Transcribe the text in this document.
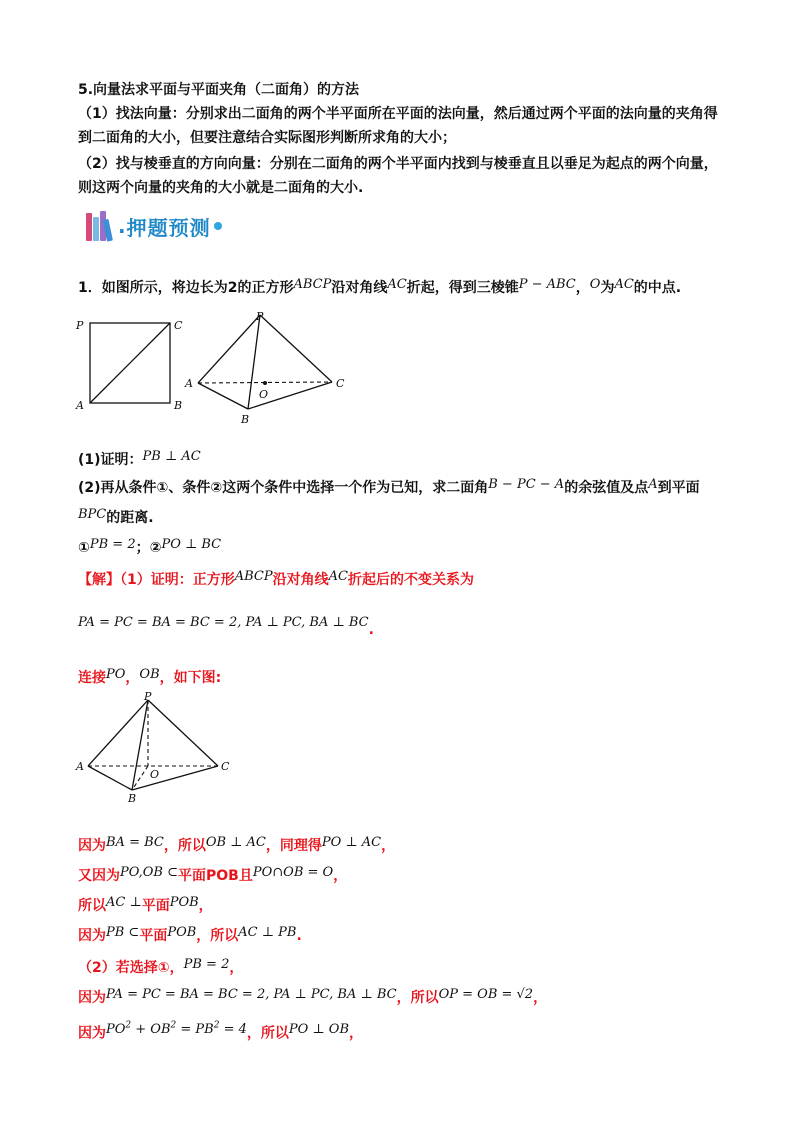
5.向量法求平面与平面夹角（二面角）的方法
（1）找法向量：分别求出二面角的两个半平面所在平面的法向量，然后通过两个平面的法向量的夹角得
到二面角的大小，但要注意结合实际图形判断所求角的大小；
（2）找与棱垂直的方向向量：分别在二面角的两个半平面内找到与棱垂直且以垂足为起点的两个向量，
则这两个向量的夹角的大小就是二面角的大小.
. 押题预测
1．如图所示，将边长为2的正方形ABCP沿对角线AC折起，得到三棱锥P − ABC，O为AC的中点.
P	C
A	B
P
A	C
O
B
(1)证明：PB ⊥ AC
(2)再从条件①、条件②这两个条件中选择一个作为已知，求二面角B − PC − A的余弦值及点A到平面
BPC的距离.
①PB = 2；②PO ⊥ BC
【解】（1）证明：正方形ABCP沿对角线AC折起后的不变关系为
PA = PC = BA = BC = 2, PA ⊥ PC, BA ⊥ BC.
连接PO，OB，如下图:
P
A	C
O
B
因为BA = BC，所以OB ⊥ AC，同理得PO ⊥ AC，
又因为PO,OB ⊂平面POB且PO∩OB = O，
所以AC ⊥平面POB，
因为PB ⊂平面POB，所以AC ⊥ PB.
（2）若选择①，PB = 2，
因为PA = PC = BA = BC = 2, PA ⊥ PC, BA ⊥ BC，所以OP = OB = √2，
因为$PO^2 + OB^2 = PB^2 = 4$，所以PO ⊥ OB，
